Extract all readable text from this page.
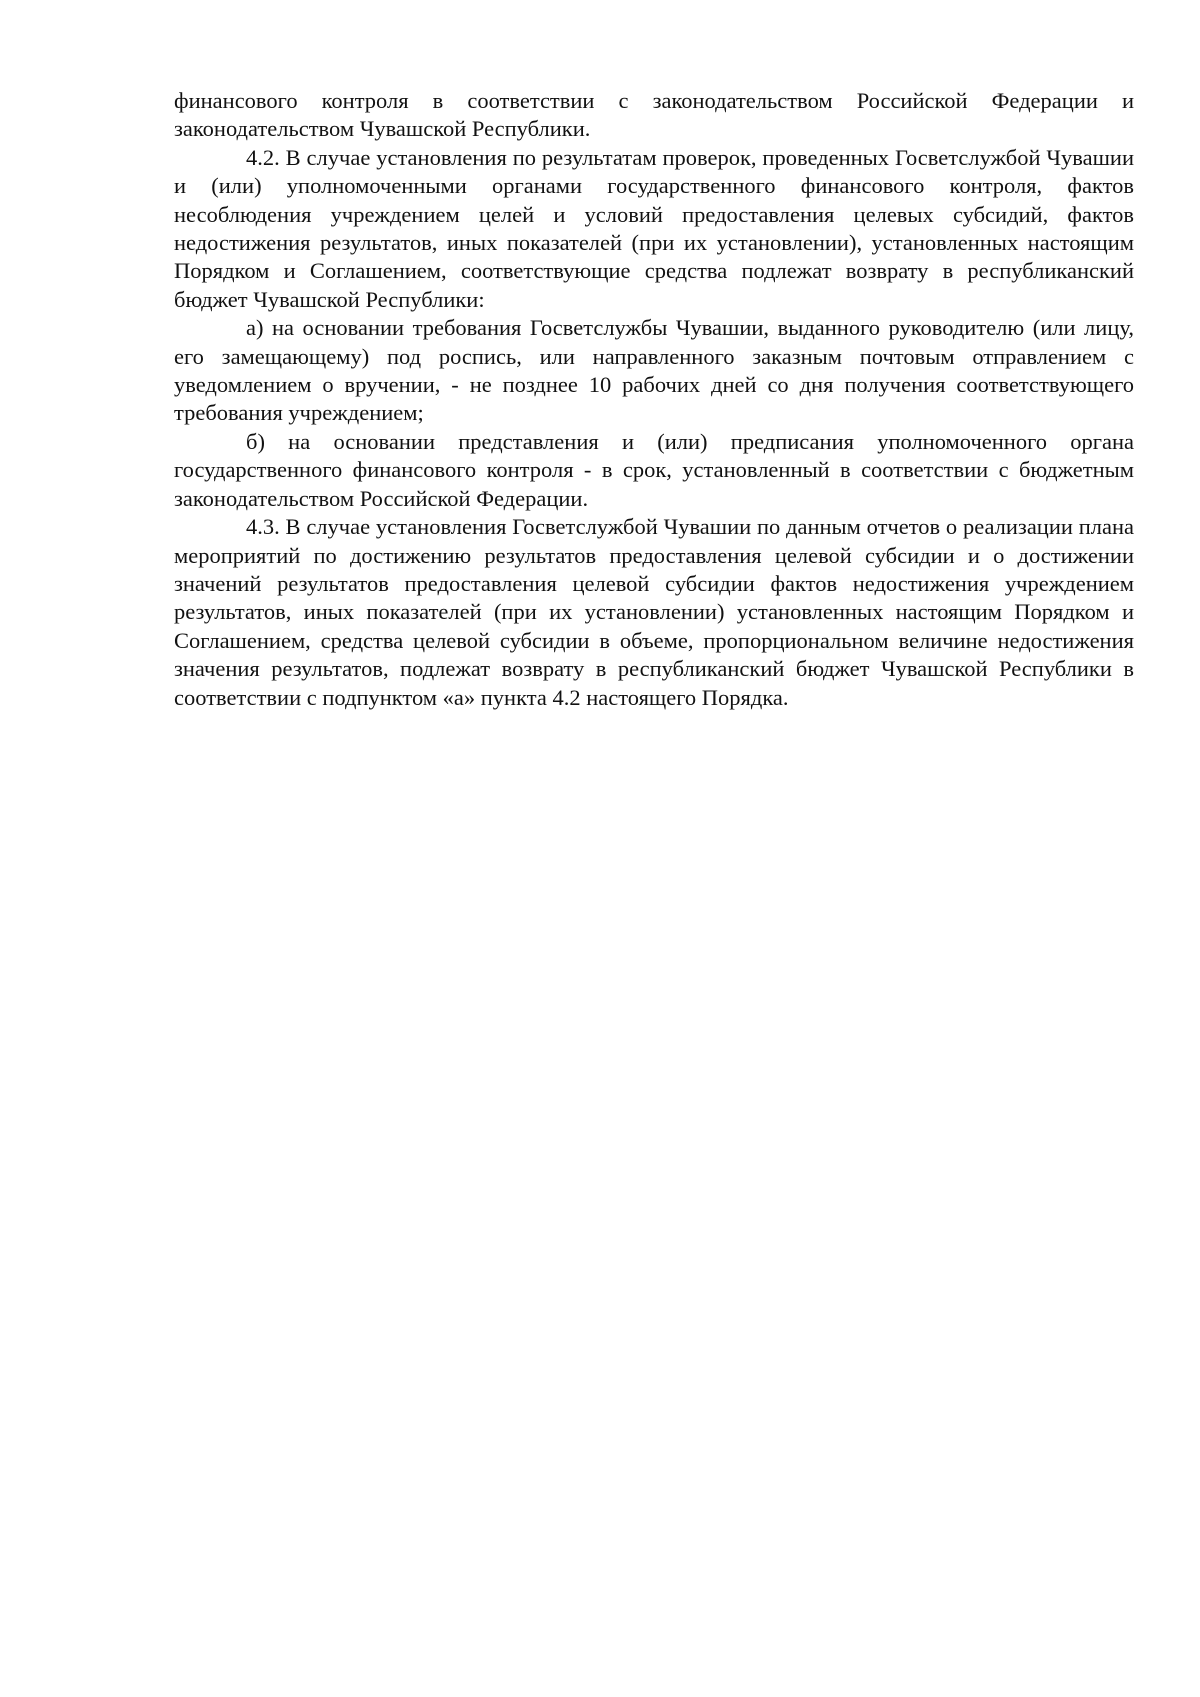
финансового контроля в соответствии с законодательством Российской Федерации и законодательством Чувашской Республики.

4.2. В случае установления по результатам проверок, проведенных Госветслужбой Чувашии и (или) уполномоченными органами государственного финансового контроля, фактов несоблюдения учреждением целей и условий предоставления целевых субсидий, фактов недостижения результатов, иных показателей (при их установлении), установленных настоящим Порядком и Соглашением, соответствующие средства подлежат возврату в республиканский бюджет Чувашской Республики:

а) на основании требования Госветслужбы Чувашии, выданного руководителю (или лицу, его замещающему) под роспись, или направленного заказным почтовым отправлением с уведомлением о вручении, - не позднее 10 рабочих дней со дня получения соответствующего требования учреждением;

б) на основании представления и (или) предписания уполномоченного органа государственного финансового контроля - в срок, установленный в соответствии с бюджетным законодательством Российской Федерации.

4.3. В случае установления Госветслужбой Чувашии по данным отчетов о реализации плана мероприятий по достижению результатов предоставления целевой субсидии и о достижении значений результатов предоставления целевой субсидии фактов недостижения учреждением результатов, иных показателей (при их установлении) установленных настоящим Порядком и Соглашением, средства целевой субсидии в объеме, пропорциональном величине недостижения значения результатов, подлежат возврату в республиканский бюджет Чувашской Республики в соответствии с подпунктом «а» пункта 4.2 настоящего Порядка.
